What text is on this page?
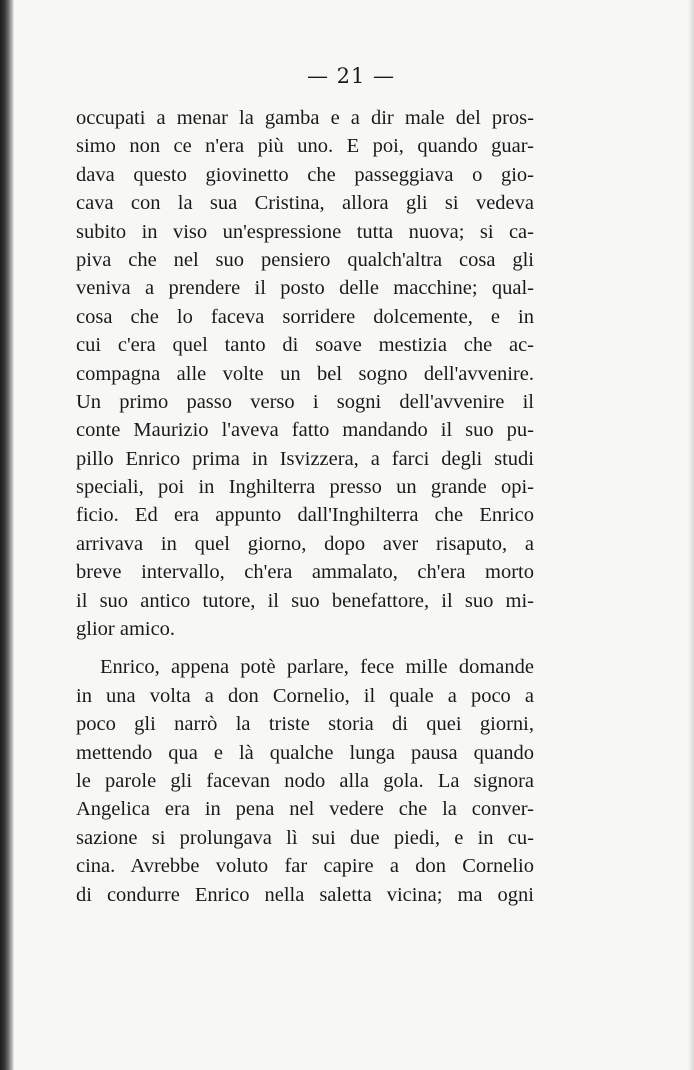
— 21 —
occupati a menar la gamba e a dir male del pros-
simo non ce n'era più uno. E poi, quando guar-
dava questo giovinetto che passeggiava o gio-
cava con la sua Cristina, allora gli si vedeva
subito in viso un'espressione tutta nuova; si ca-
piva che nel suo pensiero qualch'altra cosa gli
veniva a prendere il posto delle macchine; qual-
cosa che lo faceva sorridere dolcemente, e in
cui c'era quel tanto di soave mestizia che ac-
compagna alle volte un bel sogno dell'avvenire.
Un primo passo verso i sogni dell'avvenire il
conte Maurizio l'aveva fatto mandando il suo pu-
pillo Enrico prima in Isvizzera, a farci degli studi
speciali, poi in Inghilterra presso un grande opi-
ficio. Ed era appunto dall'Inghilterra che Enrico
arrivava in quel giorno, dopo aver risaputo, a
breve intervallo, ch'era ammalato, ch'era morto
il suo antico tutore, il suo benefattore, il suo mi-
glior amico.
Enrico, appena potè parlare, fece mille domande
in una volta a don Cornelio, il quale a poco a
poco gli narrò la triste storia di quei giorni,
mettendo qua e là qualche lunga pausa quando
le parole gli facevan nodo alla gola. La signora
Angelica era in pena nel vedere che la conver-
sazione si prolungava lì sui due piedi, e in cu-
cina. Avrebbe voluto far capire a don Cornelio
di condurre Enrico nella saletta vicina; ma ogni
